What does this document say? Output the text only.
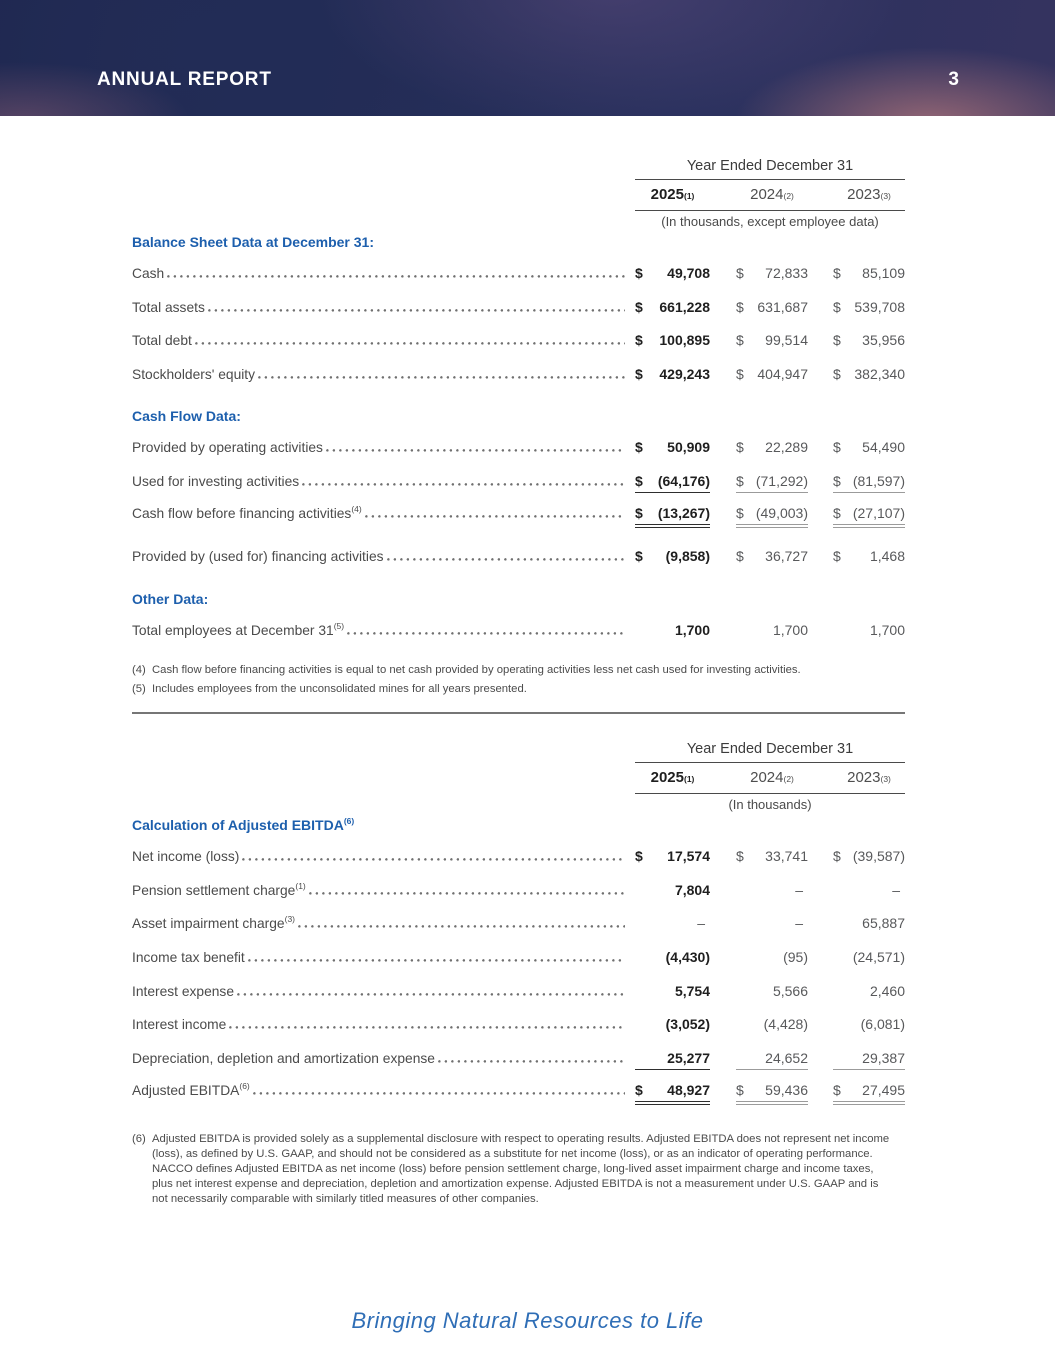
ANNUAL REPORT	3
Year Ended December 31
2025 (1)	2024 (2)	2023 (3)
(In thousands, except employee data)
Balance Sheet Data at December 31:
Cash	$ 49,708 $ 72,833 $ 85,109
Total assets	$ 661,228 $ 631,687 $ 539,708
Total debt	$ 100,895 $ 99,514 $ 35,956
Stockholders' equity	$ 429,243 $ 404,947 $ 382,340
Cash Flow Data:
Provided by operating activities	$ 50,909 $ 22,289 $ 54,490
Used for investing activities	$ (64,176) $ (71,292) $ (81,597)
Cash flow before financing activities$^{(4)}$	$ (13,267) $ (49,003) $ (27,107)
Provided by (used for) financing activities	$ (9,858) $ 36,727 $ 1,468
Other Data:
Total employees at December 31$^{(5)}$	1,700	1,700	1,700
(4) Cash flow before financing activities is equal to net cash provided by operating activities less net cash used for investing activities.
(5) Includes employees from the unconsolidated mines for all years presented.
Year Ended December 31
2025 (1)	2024 (2)	2023 (3)
(In thousands)
Calculation of Adjusted EBITDA$^{(6)}$
Net income (loss)	$ 17,574 $ 33,741 $ (39,587)
Pension settlement charge$^{(1)}$	7,804	–	–
Asset impairment charge$^{(3)}$	–	–	65,887
Income tax benefit	(4,430)	(95)	(24,571)
Interest expense	5,754	5,566	2,460
Interest income	(3,052)	(4,428)	(6,081)
Depreciation, depletion and amortization expense	25,277	24,652	29,387
Adjusted EBITDA$^{(6)}$	$ 48,927 $ 59,436 $ 27,495
(6) Adjusted EBITDA is provided solely as a supplemental disclosure with respect to operating results. Adjusted EBITDA does not represent net income (loss), as defined by U.S. GAAP, and should not be considered as a substitute for net income (loss), or as an indicator of operating performance. NACCO defines Adjusted EBITDA as net income (loss) before pension settlement charge, long-lived asset impairment charge and income taxes, plus net interest expense and depreciation, depletion and amortization expense. Adjusted EBITDA is not a measurement under U.S. GAAP and is not necessarily comparable with similarly titled measures of other companies.
Bringing Natural Resources to Life
